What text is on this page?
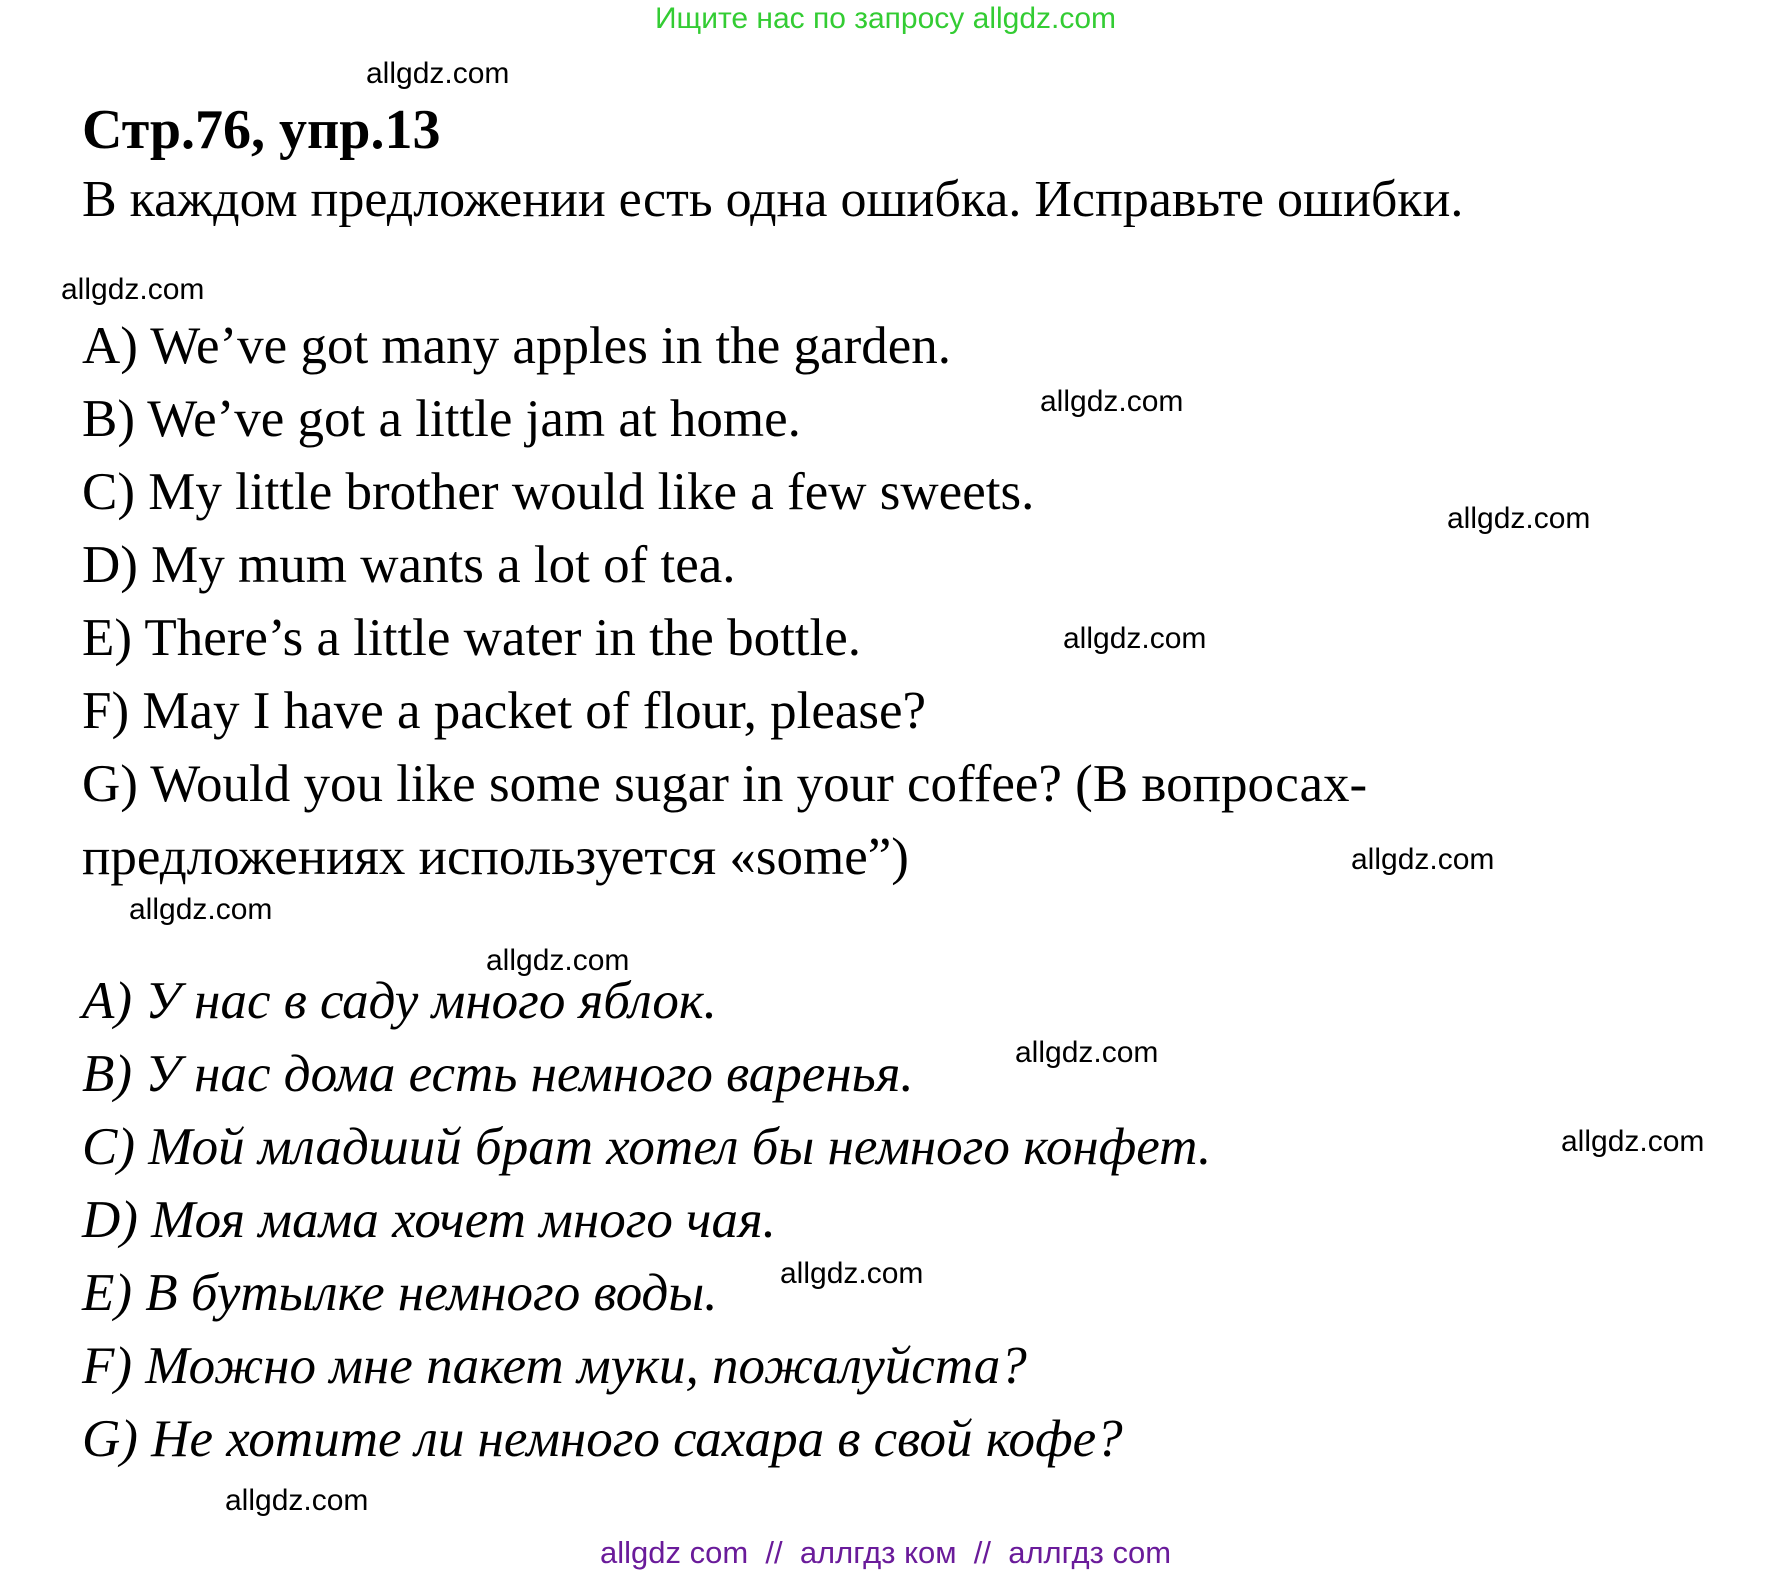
Ищите нас по запросу allgdz.com
Стр.76, упр.13
В каждом предложении есть одна ошибка. Исправьте ошибки.
A) We’ve got many apples in the garden.
B) We’ve got a little jam at home.
C) My little brother would like a few sweets.
D) My mum wants a lot of tea.
E) There’s a little water in the bottle.
F) May I have a packet of flour, please?
G) Would you like some sugar in your coffee? (В вопросах-
предложениях используется «some”)
A) У нас в саду много яблок.
B) У нас дома есть немного варенья.
C) Мой младший брат хотел бы немного конфет.
D) Моя мама хочет много чая.
E) В бутылке немного воды.
F) Можно мне пакет муки, пожалуйста?
G) Не хотите ли немного сахара в свой кофе?
allgdz.com
allgdz.com
allgdz.com
allgdz.com
allgdz.com
allgdz.com
allgdz.com
allgdz.com
allgdz.com
allgdz.com
allgdz.com
allgdz.com
allgdz com  //  аллгдз ком  //  аллгдз com
